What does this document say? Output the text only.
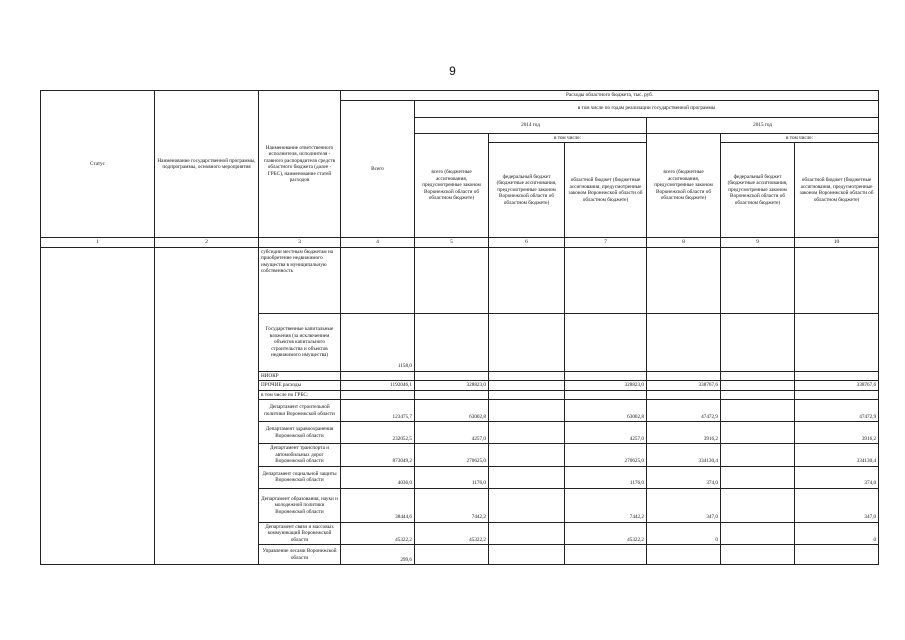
9
Статус	Наименование государственной программы, подпрограммы, основного мероприятия	Наименование ответственного исполнителя, исполнителя - главного распорядителя средств областного бюджета (далее - ГРБС), наименование статей расходов	Расходы областного бюджета, тыс. руб.						
			Всего	в том числе по годам реализации государственной программы					
				2014 год			2015 год		
				всего (бюджетные ассигнования, предусмотренные законом Воронежской области об областном бюджете)	в том числе:		всего (бюджетные ассигнования, предусмотренные законом Воронежской области об областном бюджете)	в том числе:	
					федеральный бюджет (бюджетные ассигнования, предусмотренные законом Воронежской области об областном бюджете)	областной бюджет (бюджетные ассигнования, предусмотренные законом Воронежской области об областном бюджете)		федеральный бюджет (бюджетные ассигнования, предусмотренные законом Воронежской области об областном бюджете)	областной бюджет (бюджетные ассигнования, предусмотренные законом Воронежской области об областном бюджете)
1	2	3	4	5	6	7	8	9	10
		субсидии местным бюджетам на приобретение недвижимого имущества в муниципальную собственность							
		Государственные капитальные вложения (за исключением объектов капитального строительства и объектов недвижимого имущества)	1158,0						
		НИОКР							
		ПРОЧИЕ расходы	1192046,1	328823,0		328823,0	338767,6		338767,6
		в том числе по ГРБС:							
		Департамент строительной политики Воронежской области	123475,7	63002,8		63002,8	47472,9		47472,9
		Департамент здравоохранения Воронежской области	232052,5	4257,0		4257,0	3916,2		3916,2
		Департамент транспорта и автомобильных дорог Воронежской области	873049,2	270625,0		270625,0	334130,4		334130,4
		Департамент социальной защиты Воронежской области	4036,0	1176,0		1176,0	374,0		374,0
		Департамент образования, науки и молодежной политики Воронежской области	38444,6	7442,2		7442,2	347,0		347,0
		Департамент связи и массовых коммуникаций Воронежской области	45322,2	45322,2		45322,2	0		0
		Управление лесами Воронежской области	299,6						
